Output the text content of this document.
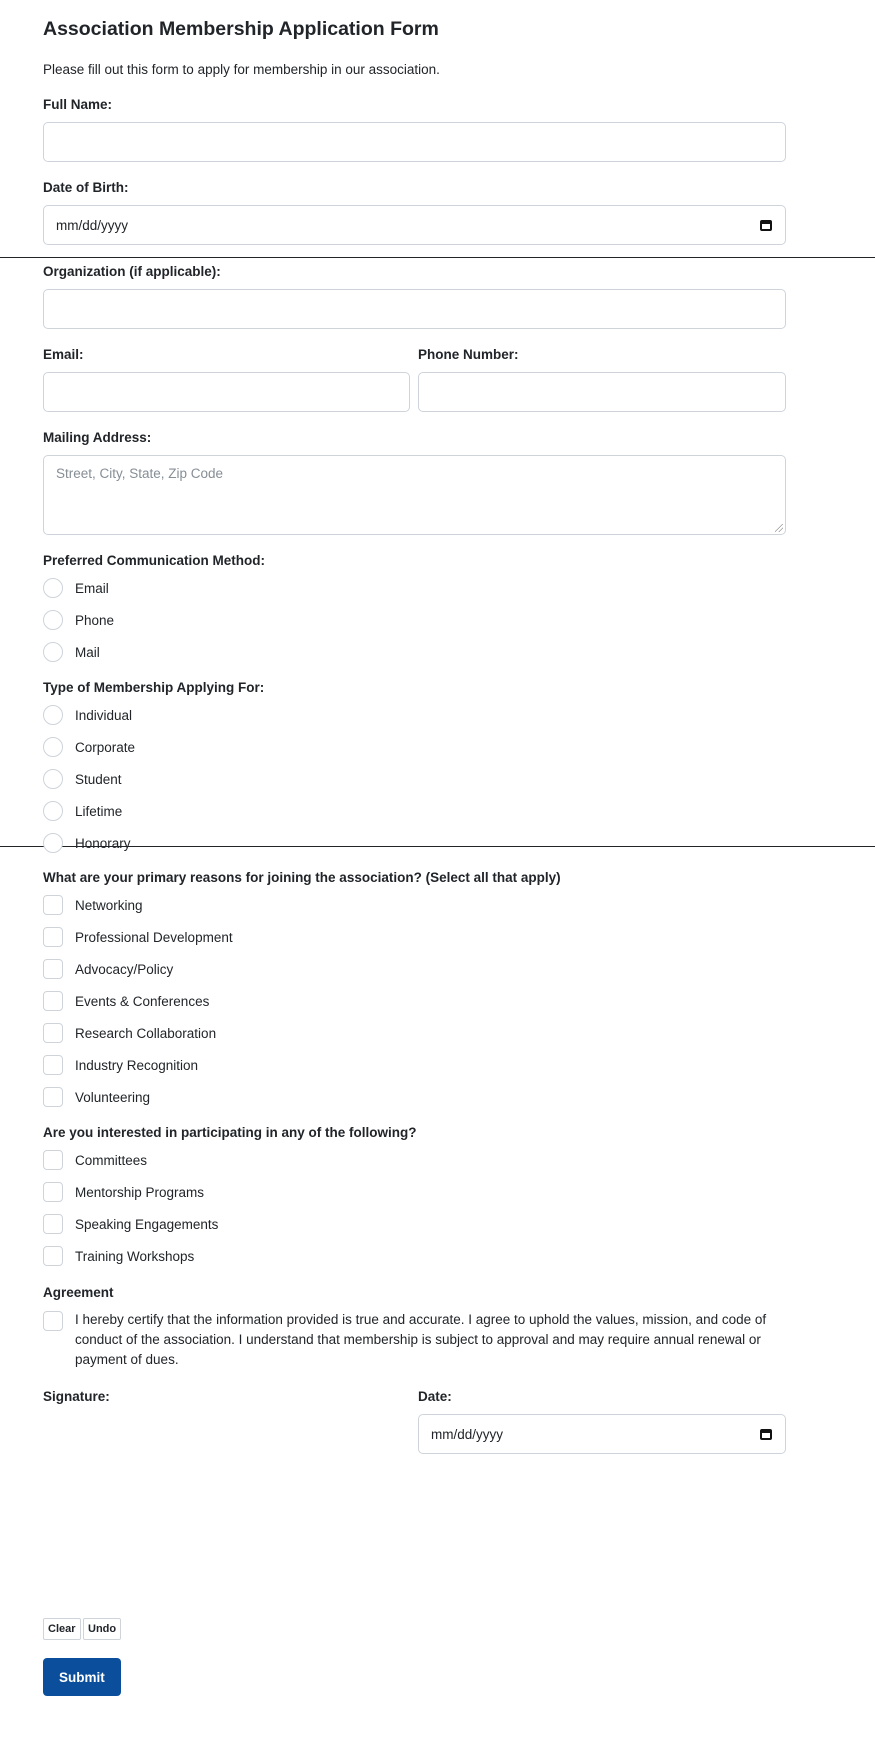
Association Membership Application Form
Please fill out this form to apply for membership in our association.
Full Name:
Date of Birth:
mm/dd/yyyy
Organization (if applicable):
Email:	Phone Number:
Mailing Address:
Street, City, State, Zip Code
Preferred Communication Method:
Email
Phone
Mail
Type of Membership Applying For:
Individual
Corporate
Student
Lifetime
Honorary
What are your primary reasons for joining the association? (Select all that apply)
Networking
Professional Development
Advocacy/Policy
Events & Conferences
Research Collaboration
Industry Recognition
Volunteering
Are you interested in participating in any of the following?
Committees
Mentorship Programs
Speaking Engagements
Training Workshops
Agreement
I hereby certify that the information provided is true and accurate. I agree to uphold the values, mission, and code of conduct of the association. I understand that membership is subject to approval and may require annual renewal or payment of dues.
Signature:	Date:
mm/dd/yyyy
Clear	Undo
Submit
